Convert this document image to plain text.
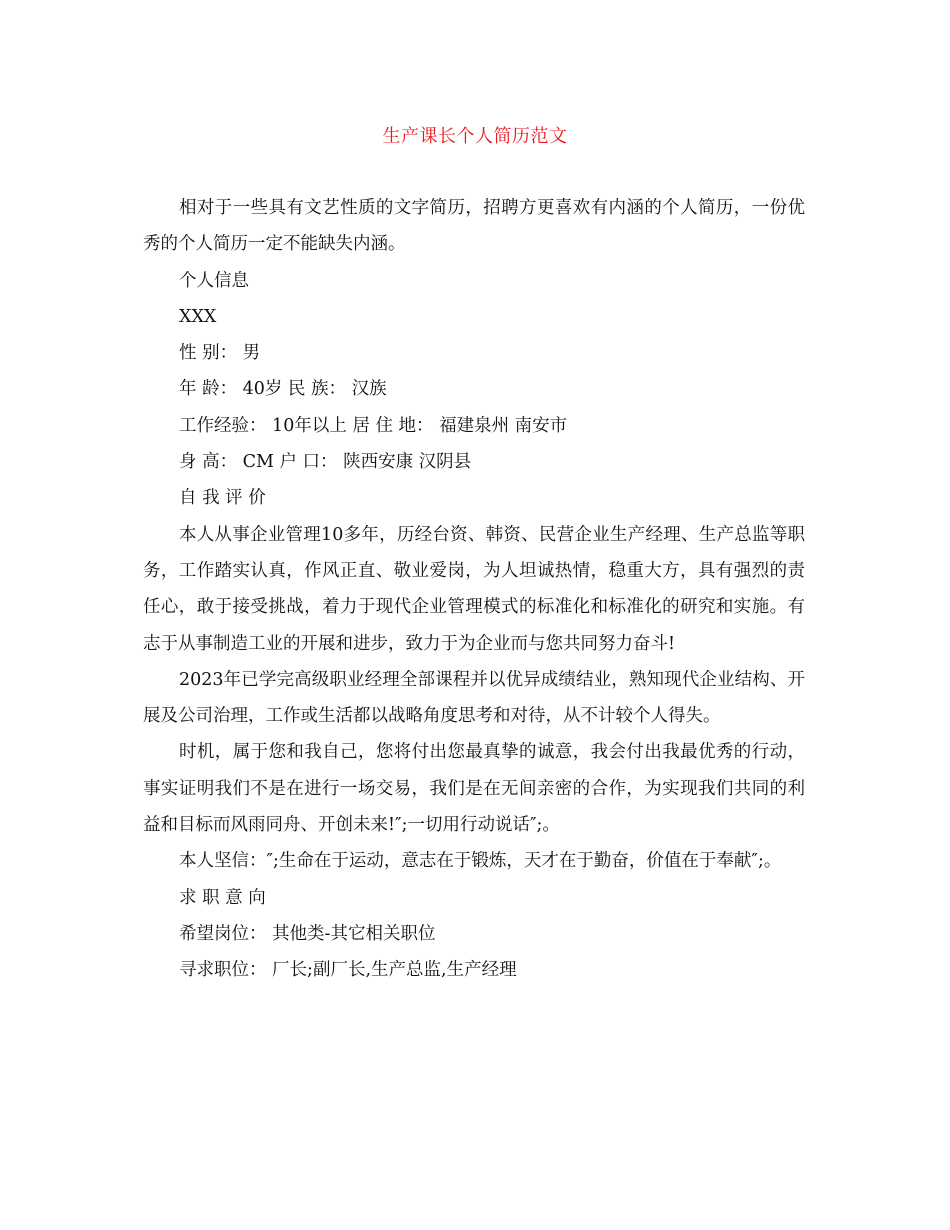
生产课长个人简历范文

相对于一些具有文艺性质的文字简历，招聘方更喜欢有内涵的个人简历，一份优秀的个人简历一定不能缺失内涵。

个人信息

XXX

性 别： 男

年 龄： 40岁 民 族： 汉族

工作经验： 10年以上 居 住 地： 福建泉州 南安市

身 高： CM 户 口： 陕西安康 汉阴县

自 我 评 价

本人从事企业管理10多年，历经台资、韩资、民营企业生产经理、生产总监等职务，工作踏实认真，作风正直、敬业爱岗，为人坦诚热情，稳重大方，具有强烈的责任心，敢于接受挑战，着力于现代企业管理模式的标准化和标准化的研究和实施。有志于从事制造工业的开展和进步，致力于为企业而与您共同努力奋斗!

2023年已学完高级职业经理全部课程并以优异成绩结业，熟知现代企业结构、开展及公司治理，工作或生活都以战略角度思考和对待，从不计较个人得失。

时机，属于您和我自己，您将付出您最真挚的诚意，我会付出我最优秀的行动，事实证明我们不是在进行一场交易，我们是在无间亲密的合作，为实现我们共同的利益和目标而风雨同舟、开创未来!″;一切用行动说话″;。

本人坚信：″;生命在于运动，意志在于锻炼，天才在于勤奋，价值在于奉献″;。

求 职 意 向

希望岗位： 其他类-其它相关职位

寻求职位： 厂长;副厂长,生产总监,生产经理
